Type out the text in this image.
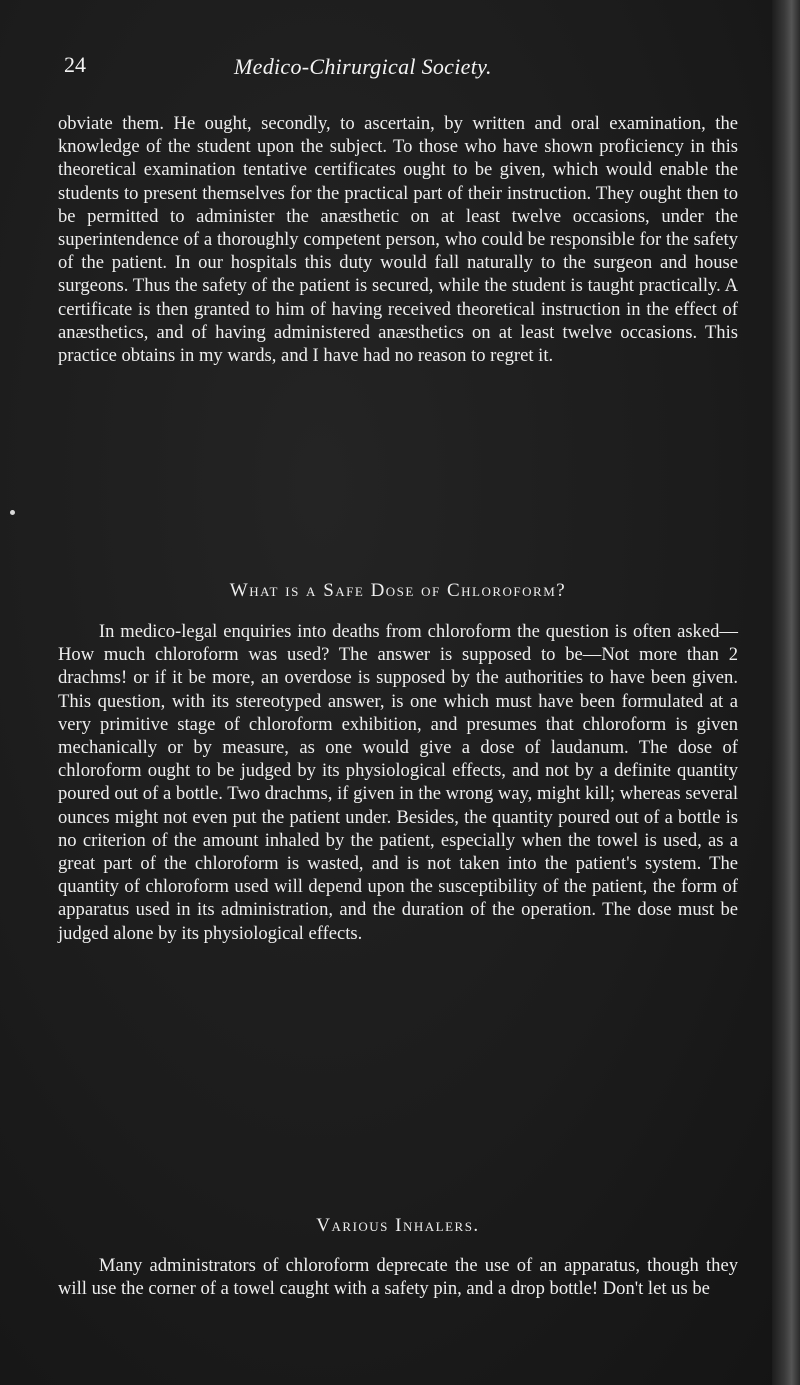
24	Medico-Chirurgical Society.

obviate them. He ought, secondly, to ascertain, by written and oral examination, the knowledge of the student upon the subject. To those who have shown proficiency in this theoretical examination tentative certificates ought to be given, which would enable the students to present themselves for the practical part of their instruction. They ought then to be permitted to administer the anæsthetic on at least twelve occasions, under the superintendence of a thoroughly competent person, who could be responsible for the safety of the patient. In our hospitals this duty would fall naturally to the surgeon and house surgeons. Thus the safety of the patient is secured, while the student is taught practically. A certificate is then granted to him of having received theoretical instruction in the effect of anæsthetics, and of having administered anæsthetics on at least twelve occasions. This practice obtains in my wards, and I have had no reason to regret it.

What is a Safe Dose of Chloroform?

In medico-legal enquiries into deaths from chloroform the question is often asked—How much chloroform was used? The answer is supposed to be—Not more than 2 drachms! or if it be more, an overdose is supposed by the authorities to have been given. This question, with its stereotyped answer, is one which must have been formulated at a very primitive stage of chloroform exhibition, and presumes that chloroform is given mechanically or by measure, as one would give a dose of laudanum. The dose of chloroform ought to be judged by its physiological effects, and not by a definite quantity poured out of a bottle. Two drachms, if given in the wrong way, might kill; whereas several ounces might not even put the patient under. Besides, the quantity poured out of a bottle is no criterion of the amount inhaled by the patient, especially when the towel is used, as a great part of the chloroform is wasted, and is not taken into the patient's system. The quantity of chloroform used will depend upon the susceptibility of the patient, the form of apparatus used in its administration, and the duration of the operation. The dose must be judged alone by its physiological effects.

Various Inhalers.

Many administrators of chloroform deprecate the use of an apparatus, though they will use the corner of a towel caught with a safety pin, and a drop bottle! Don't let us be
